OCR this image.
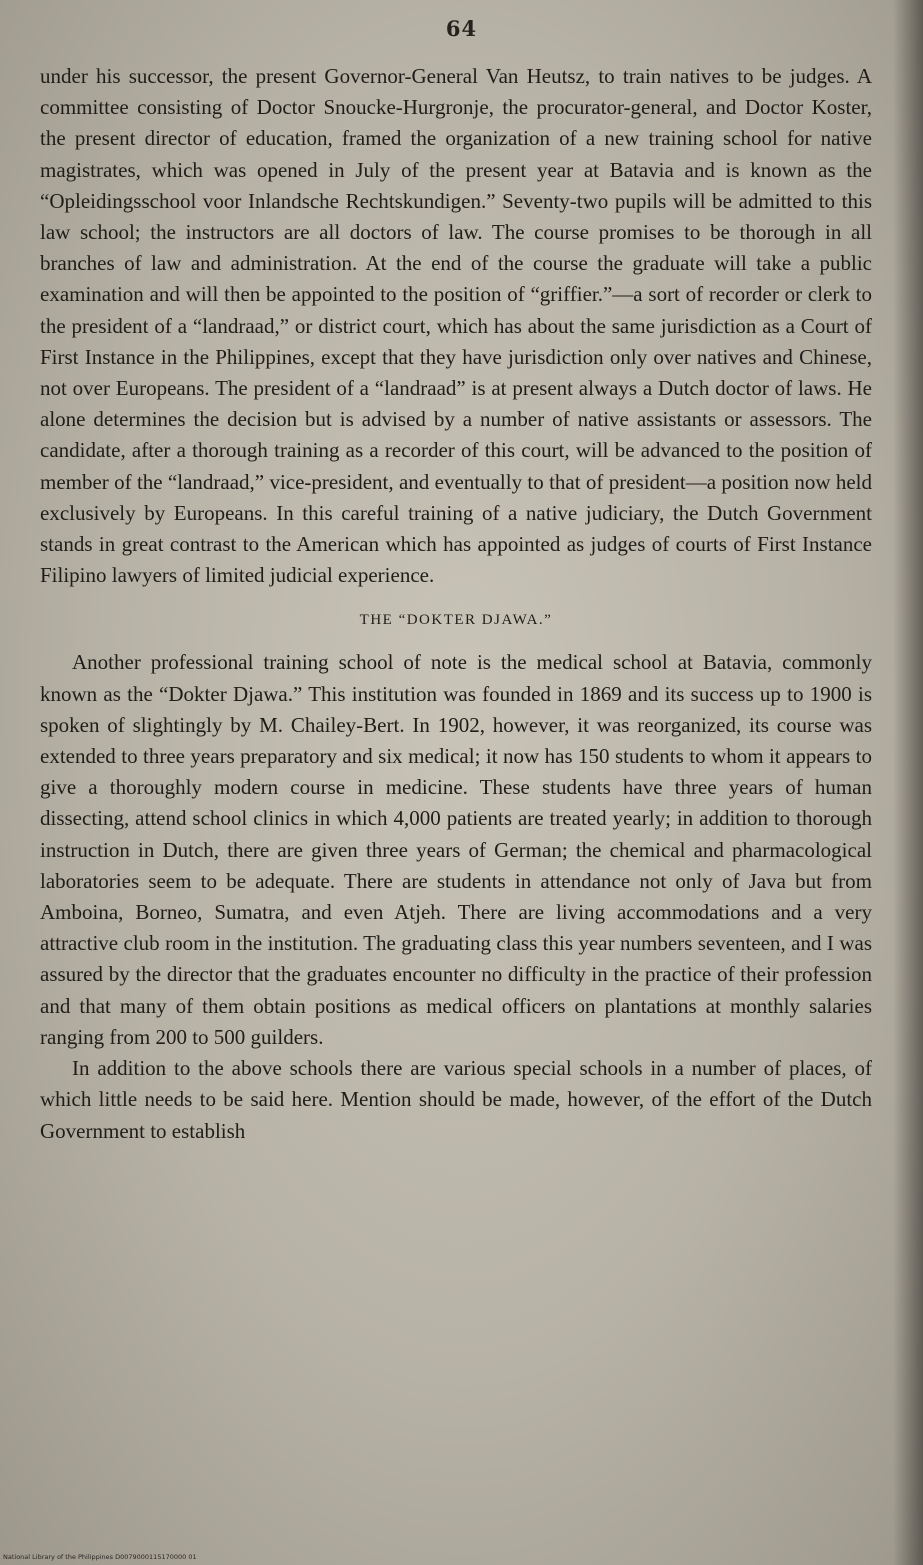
64

under his successor, the present Governor-General Van Heutsz, to train natives to be judges. A committee consisting of Doctor Snoucke-Hurgronje, the procurator-general, and Doctor Koster, the present director of education, framed the organization of a new training school for native magistrates, which was opened in July of the present year at Batavia and is known as the “Opleidingsschool voor Inlandsche Rechtskundigen.” Seventy-two pupils will be admitted to this law school; the instructors are all doctors of law. The course promises to be thorough in all branches of law and administration. At the end of the course the graduate will take a public examination and will then be appointed to the position of “griffier.”—a sort of recorder or clerk to the president of a “landraad,” or district court, which has about the same jurisdiction as a Court of First Instance in the Philippines, except that they have jurisdiction only over natives and Chinese, not over Europeans. The president of a “landraad” is at present always a Dutch doctor of laws. He alone determines the decision but is advised by a number of native assistants or assessors. The candidate, after a thorough training as a recorder of this court, will be advanced to the position of member of the “landraad,” vice-president, and eventually to that of president—a position now held exclusively by Europeans. In this careful training of a native judiciary, the Dutch Government stands in great contrast to the American which has appointed as judges of courts of First Instance Filipino lawyers of limited judicial experience.

THE “DOKTER DJAWA.”

Another professional training school of note is the medical school at Batavia, commonly known as the “Dokter Djawa.” This institution was founded in 1869 and its success up to 1900 is spoken of slightingly by M. Chailey-Bert. In 1902, however, it was reorganized, its course was extended to three years preparatory and six medical; it now has 150 students to whom it appears to give a thoroughly modern course in medicine. These students have three years of human dissecting, attend school clinics in which 4,000 patients are treated yearly; in addition to thorough instruction in Dutch, there are given three years of German; the chemical and pharmacological laboratories seem to be adequate. There are students in attendance not only of Java but from Amboina, Borneo, Sumatra, and even Atjeh. There are living accommodations and a very attractive club room in the institution. The graduating class this year numbers seventeen, and I was assured by the director that the graduates encounter no difficulty in the practice of their profession and that many of them obtain positions as medical officers on plantations at monthly salaries ranging from 200 to 500 guilders.

In addition to the above schools there are various special schools in a number of places, of which little needs to be said here. Mention should be made, however, of the effort of the Dutch Government to establish

National Library of the Philippines D0079000115170000 01
